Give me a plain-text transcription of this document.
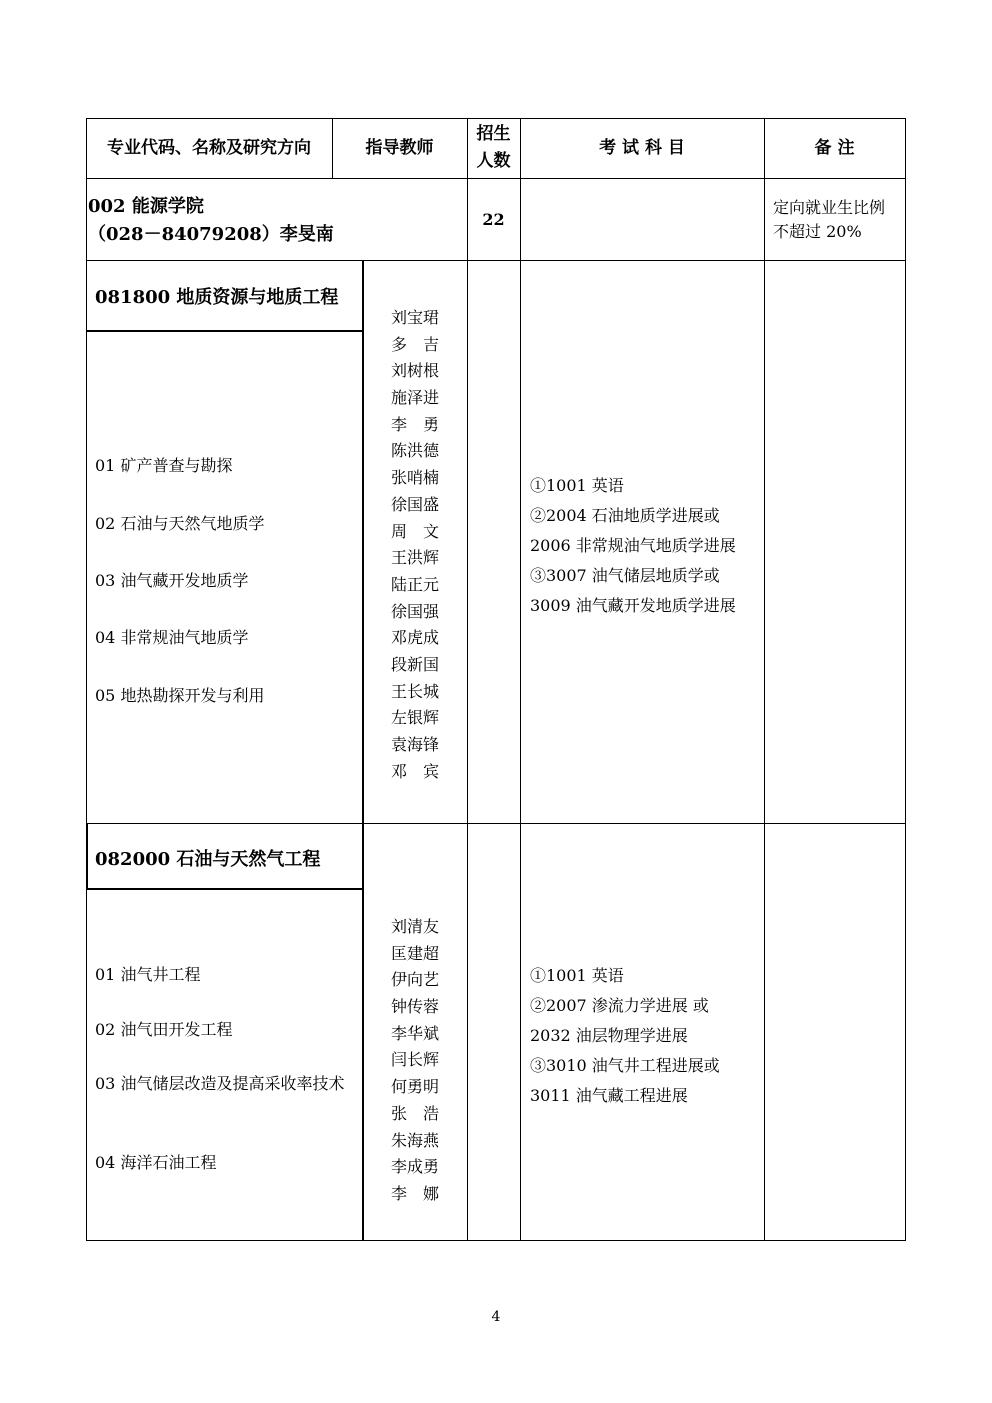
专业代码、名称及研究方向	指导教师
招生
人数
考 试 科 目	备 注
002 能源学院
（028－84079208）李旻南
22
定向就业生比例
不超过 20%
081800 地质资源与地质工程
01 矿产普查与勘探
02 石油与天然气地质学
03 油气藏开发地质学
04 非常规油气地质学
05 地热勘探开发与利用
刘宝珺
多　吉
刘树根
施泽进
李　勇
陈洪德
张哨楠
徐国盛
周　文
王洪辉
陆正元
徐国强
邓虎成
段新国
王长城
左银辉
袁海锋
邓　宾
①1001 英语
②2004 石油地质学进展或
2006 非常规油气地质学进展
③3007 油气储层地质学或
3009 油气藏开发地质学进展
082000 石油与天然气工程
01 油气井工程
02 油气田开发工程
03 油气储层改造及提高采收率技术
04 海洋石油工程
刘清友
匡建超
伊向艺
钟传蓉
李华斌
闫长辉
何勇明
张　浩
朱海燕
李成勇
李　娜
①1001 英语
②2007 渗流力学进展 或
2032 油层物理学进展
③3010 油气井工程进展或
3011 油气藏工程进展
4
